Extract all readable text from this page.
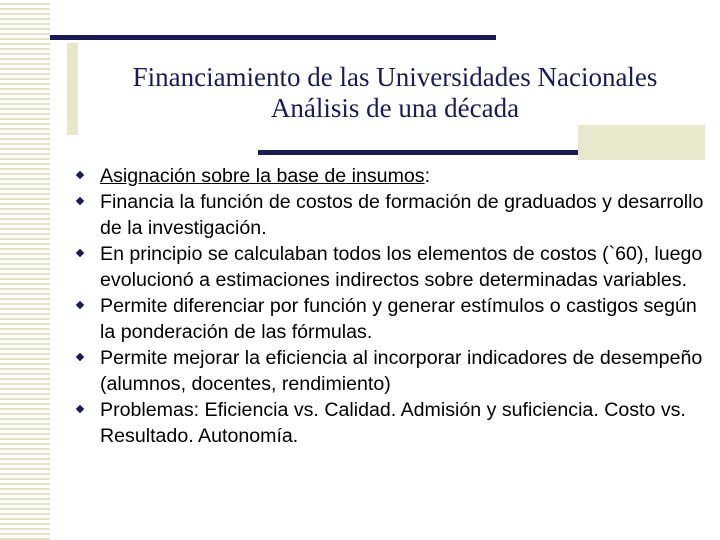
Financiamiento de las Universidades Nacionales
Análisis de una década
Asignación sobre la base de insumos:
Financia la función de costos de formación de graduados y desarrollo de la investigación.
En principio se calculaban todos los elementos de costos (`60), luego evolucionó a estimaciones indirectos sobre determinadas variables.
Permite diferenciar por función y generar estímulos o castigos según la ponderación de las fórmulas.
Permite mejorar la eficiencia al incorporar indicadores de desempeño (alumnos, docentes, rendimiento)
Problemas: Eficiencia vs. Calidad. Admisión y suficiencia. Costo vs. Resultado. Autonomía.
